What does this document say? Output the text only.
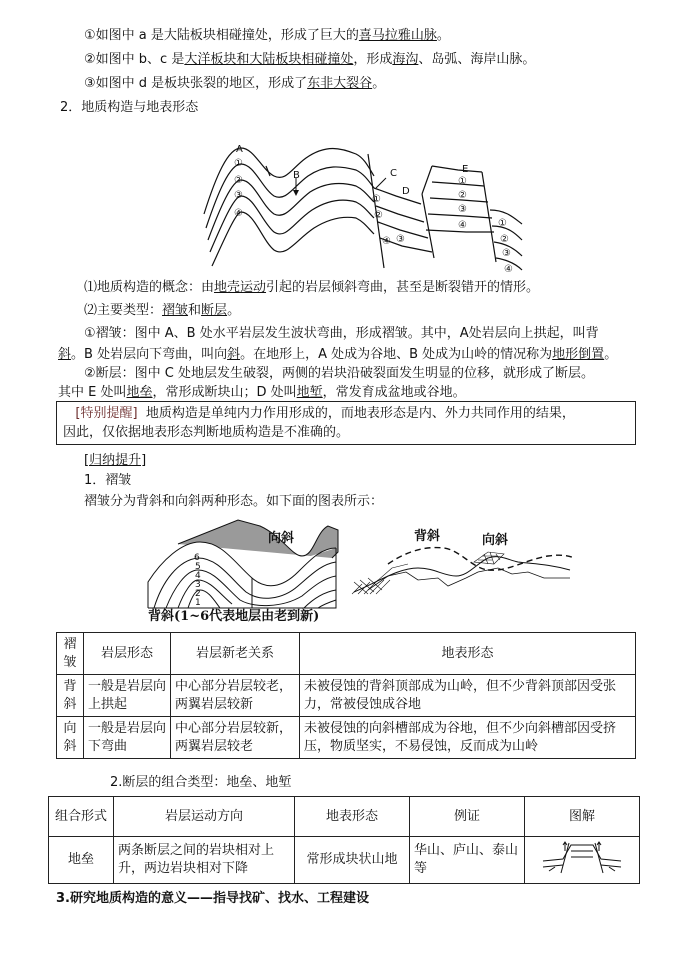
①如图中 a 是大陆板块相碰撞处，形成了巨大的喜马拉雅山脉。
②如图中 b、c 是大洋板块和大陆板块相碰撞处，形成海沟、岛弧、海岸山脉。
③如图中 d 是板块张裂的地区，形成了东非大裂谷。
2．地质构造与地表形态
A
B	C
D
E
①
②
③
④
①
②
③
④
①
②
③
④	①
②
③
④
⑴地质构造的概念：由地壳运动引起的岩层倾斜弯曲，甚至是断裂错开的情形。
⑵主要类型：褶皱和断层。
①褶皱：图中 A、B 处水平岩层发生波状弯曲，形成褶皱。其中，A处岩层向上拱起，叫背
斜。B 处岩层向下弯曲，叫向斜。在地形上，A 处成为谷地、B 处成为山岭的情况称为地形倒置。
②断层：图中 C 处地层发生破裂，两侧的岩块沿破裂面发生明显的位移，就形成了断层。
其中 E 处叫地垒，常形成断块山；D 处叫地堑，常发育成盆地或谷地。
[特别提醒] 地质构造是单纯内力作用形成的，而地表形态是内、外力共同作用的结果，
因此，仅依据地表形态判断地质构造是不准确的。
[归纳提升]
1．褶皱
褶皱分为背斜和向斜两种形态。如下面的图表所示：
6
5
4
3
2
1
向斜
背斜(1~6代表地层由老到新)
背斜	向斜
褶皱	岩层形态	岩层新老关系	地表形态
背斜	一般是岩层向上拱起	中心部分岩层较老，两翼岩层较新	未被侵蚀的背斜顶部成为山岭，但不少背斜顶部因受张力，常被侵蚀成谷地
向斜	一般是岩层向下弯曲	中心部分岩层较新，两翼岩层较老	未被侵蚀的向斜槽部成为谷地，但不少向斜槽部因受挤压，物质坚实，不易侵蚀，反而成为山岭
2.断层的组合类型：地垒、地堑
组合形式	岩层运动方向	地表形态	例证	图解
地垒	两条断层之间的岩块相对上升，两边岩块相对下降	常形成块状山地	华山、庐山、泰山等	
3.研究地质构造的意义——指导找矿、找水、工程建设
